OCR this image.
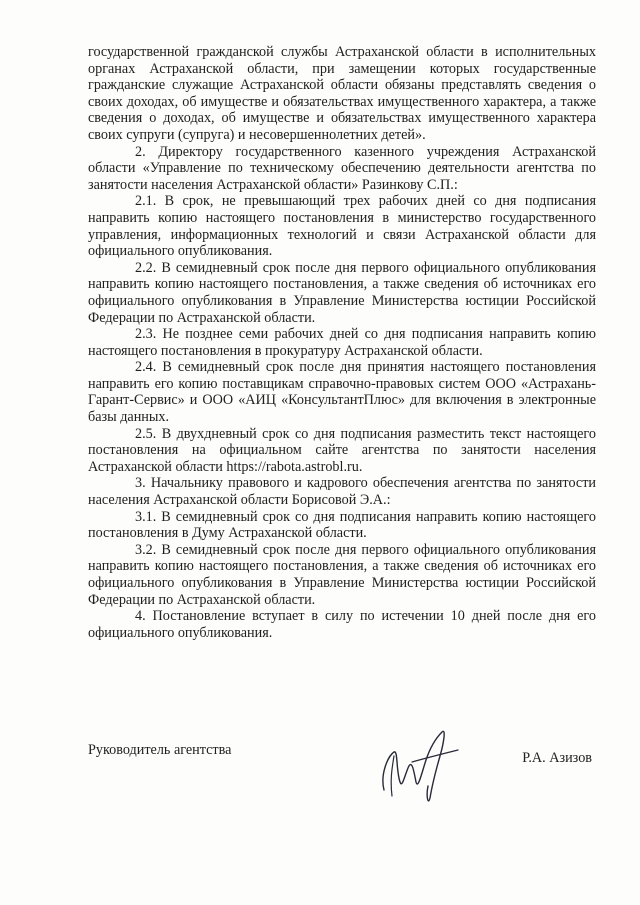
государственной гражданской службы Астраханской области в исполнительных органах Астраханской области, при замещении которых государственные гражданские служащие Астраханской области обязаны представлять сведения о своих доходах, об имуществе и обязательствах имущественного характера, а также сведения о доходах, об имуществе и обязательствах имущественного характера своих супруги (супруга) и несовершеннолетних детей».

2. Директору государственного казенного учреждения Астраханской области «Управление по техническому обеспечению деятельности агентства по занятости населения Астраханской области» Разинкову С.П.:

2.1. В срок, не превышающий трех рабочих дней со дня подписания направить копию настоящего постановления в министерство государственного управления, информационных технологий и связи Астраханской области для официального опубликования.

2.2. В семидневный срок после дня первого официального опубликования направить копию настоящего постановления, а также сведения об источниках его официального опубликования в Управление Министерства юстиции Российской Федерации по Астраханской области.

2.3. Не позднее семи рабочих дней со дня подписания направить копию настоящего постановления в прокуратуру Астраханской области.

2.4. В семидневный срок после дня принятия настоящего постановления направить его копию поставщикам справочно-правовых систем ООО «Астрахань-Гарант-Сервис» и ООО «АИЦ «КонсультантПлюс» для включения в электронные базы данных.

2.5. В двухдневный срок со дня подписания разместить текст настоящего постановления на официальном сайте агентства по занятости населения Астраханской области https://rabota.astrobl.ru.

3. Начальнику правового и кадрового обеспечения агентства по занятости населения Астраханской области Борисовой Э.А.:

3.1. В семидневный срок со дня подписания направить копию настоящего постановления в Думу Астраханской области.

3.2. В семидневный срок после дня первого официального опубликования направить копию настоящего постановления, а также сведения об источниках его официального опубликования в Управление Министерства юстиции Российской Федерации по Астраханской области.

4. Постановление вступает в силу по истечении 10 дней после дня его официального опубликования.

Руководитель агентства	Р.А. Азизов
